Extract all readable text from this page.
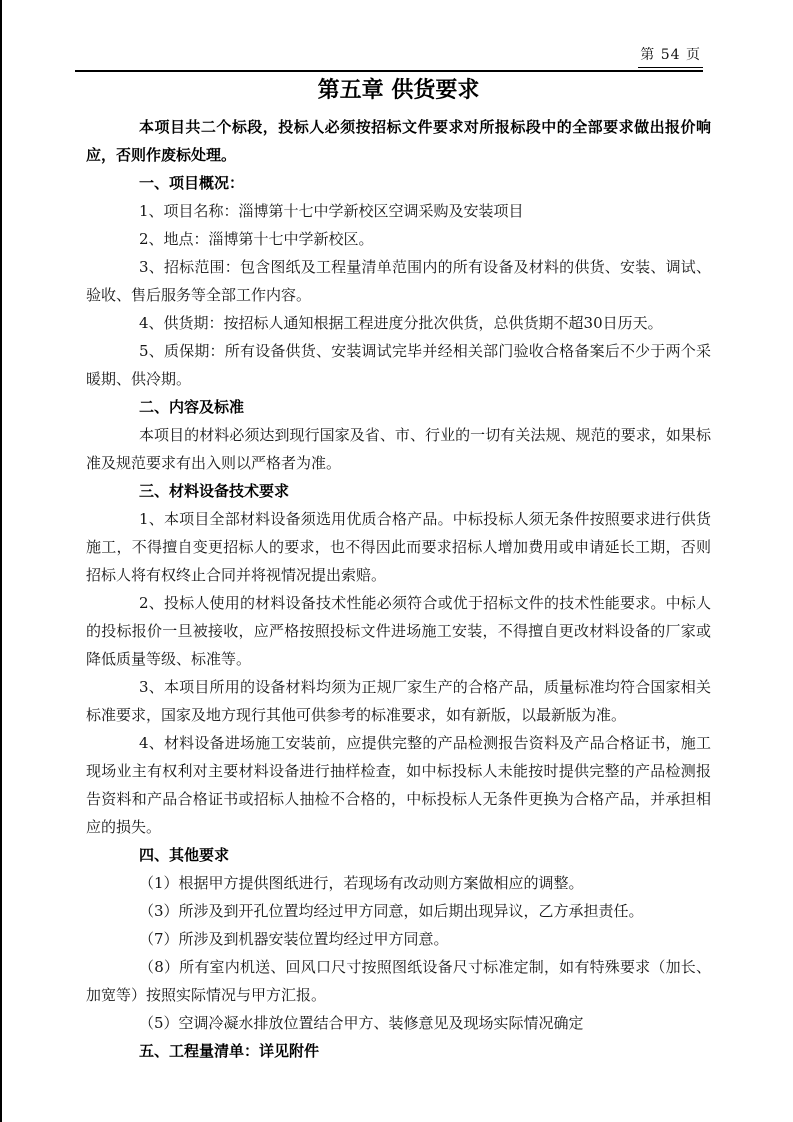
第 54 页
第五章 供货要求

本项目共二个标段，投标人必须按招标文件要求对所报标段中的全部要求做出报价响应，否则作废标处理。

一、项目概况：

1、项目名称：淄博第十七中学新校区空调采购及安装项目

2、地点：淄博第十七中学新校区。

3、招标范围：包含图纸及工程量清单范围内的所有设备及材料的供货、安装、调试、验收、售后服务等全部工作内容。

4、供货期：按招标人通知根据工程进度分批次供货，总供货期不超30日历天。

5、质保期：所有设备供货、安装调试完毕并经相关部门验收合格备案后不少于两个采暖期、供冷期。

二、内容及标准

本项目的材料必须达到现行国家及省、市、行业的一切有关法规、规范的要求，如果标准及规范要求有出入则以严格者为准。

三、材料设备技术要求

1、本项目全部材料设备须选用优质合格产品。中标投标人须无条件按照要求进行供货施工，不得擅自变更招标人的要求，也不得因此而要求招标人增加费用或申请延长工期，否则招标人将有权终止合同并将视情况提出索赔。

2、投标人使用的材料设备技术性能必须符合或优于招标文件的技术性能要求。中标人的投标报价一旦被接收，应严格按照投标文件进场施工安装，不得擅自更改材料设备的厂家或降低质量等级、标准等。

3、本项目所用的设备材料均须为正规厂家生产的合格产品，质量标准均符合国家相关标准要求，国家及地方现行其他可供参考的标准要求，如有新版，以最新版为准。

4、材料设备进场施工安装前，应提供完整的产品检测报告资料及产品合格证书，施工现场业主有权利对主要材料设备进行抽样检查，如中标投标人未能按时提供完整的产品检测报告资料和产品合格证书或招标人抽检不合格的，中标投标人无条件更换为合格产品，并承担相应的损失。

四、其他要求

（1）根据甲方提供图纸进行，若现场有改动则方案做相应的调整。

（3）所涉及到开孔位置均经过甲方同意，如后期出现异议，乙方承担责任。

（7）所涉及到机器安装位置均经过甲方同意。

（8）所有室内机送、回风口尺寸按照图纸设备尺寸标准定制，如有特殊要求（加长、加宽等）按照实际情况与甲方汇报。

（5）空调冷凝水排放位置结合甲方、装修意见及现场实际情况确定

五、工程量清单：详见附件
